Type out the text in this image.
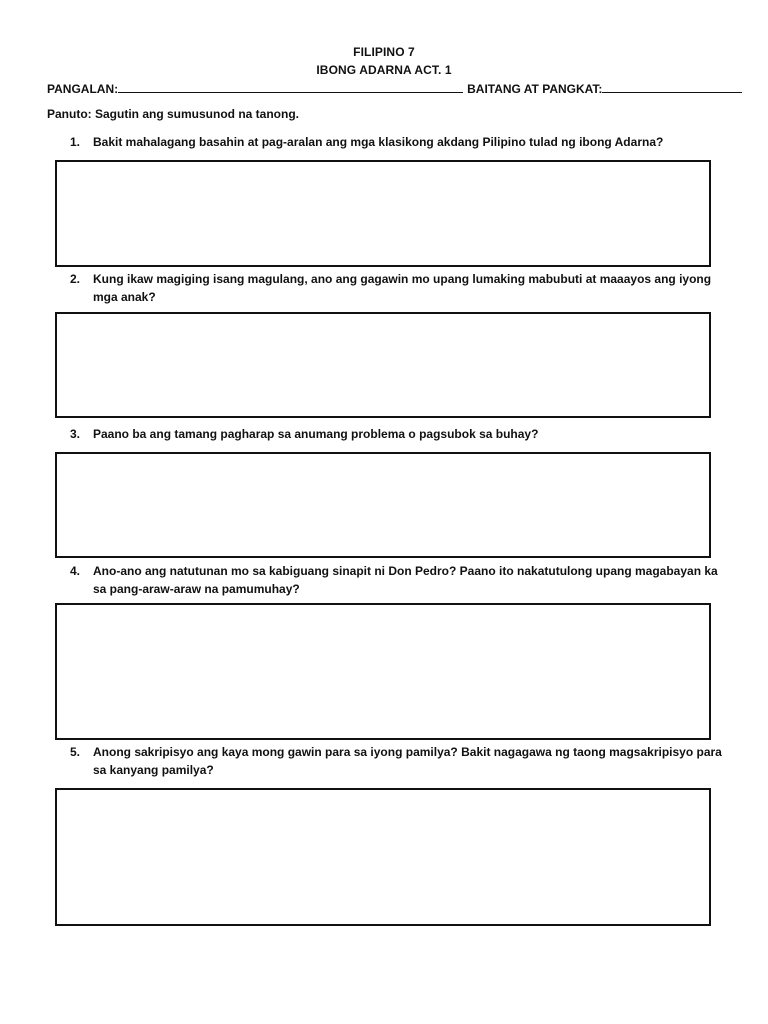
FILIPINO 7
IBONG ADARNA ACT. 1
PANGALAN:	BAITANG AT PANGKAT:
Panuto: Sagutin ang sumusunod na tanong.
1.	Bakit mahalagang basahin at pag-aralan ang mga klasikong akdang Pilipino tulad ng ibong Adarna?
2.	Kung ikaw magiging isang magulang, ano ang gagawin mo upang lumaking mabubuti at maaayos ang iyong mga anak?
3.	Paano ba ang tamang pagharap sa anumang problema o pagsubok sa buhay?
4.	Ano-ano ang natutunan mo sa kabiguang sinapit ni Don Pedro? Paano ito nakatutulong upang magabayan ka sa pang-araw-araw na pamumuhay?
5.	Anong sakripisyo ang kaya mong gawin para sa iyong pamilya? Bakit nagagawa ng taong magsakripisyo para sa kanyang pamilya?
